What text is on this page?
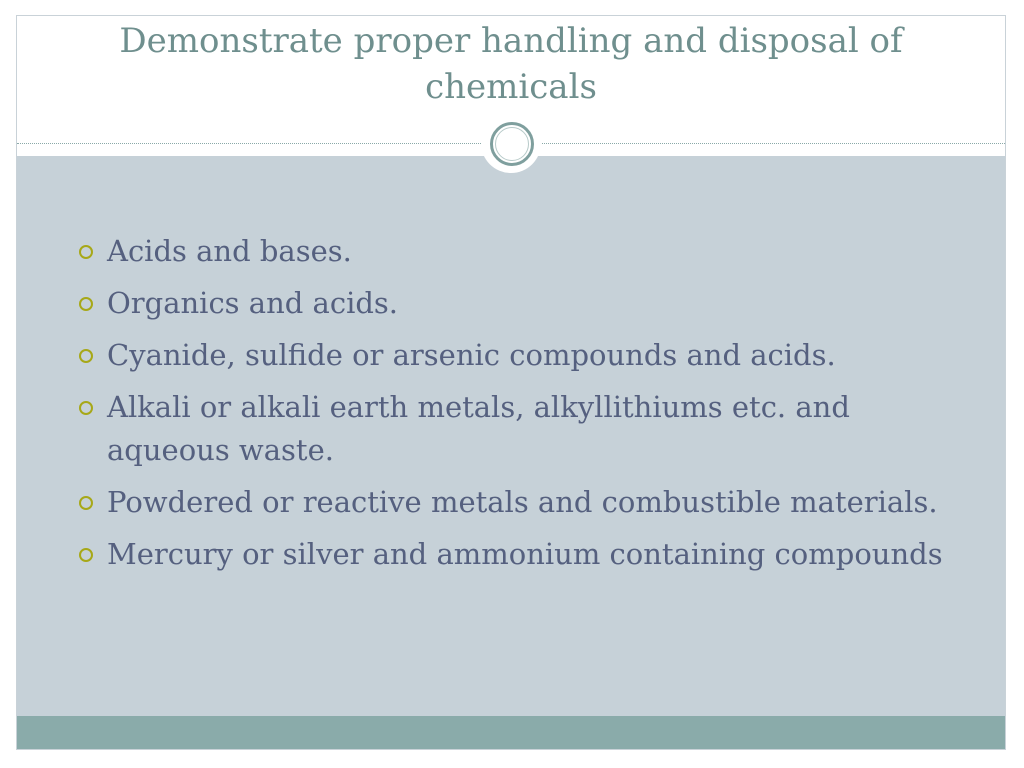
Demonstrate proper handling and disposal of chemicals
Acids and bases.
Organics and acids.
Cyanide, sulfide or arsenic compounds and acids.
Alkali or alkali earth metals, alkyllithiums etc. and aqueous waste.
Powdered or reactive metals and combustible materials.
Mercury or silver and ammonium containing compounds
